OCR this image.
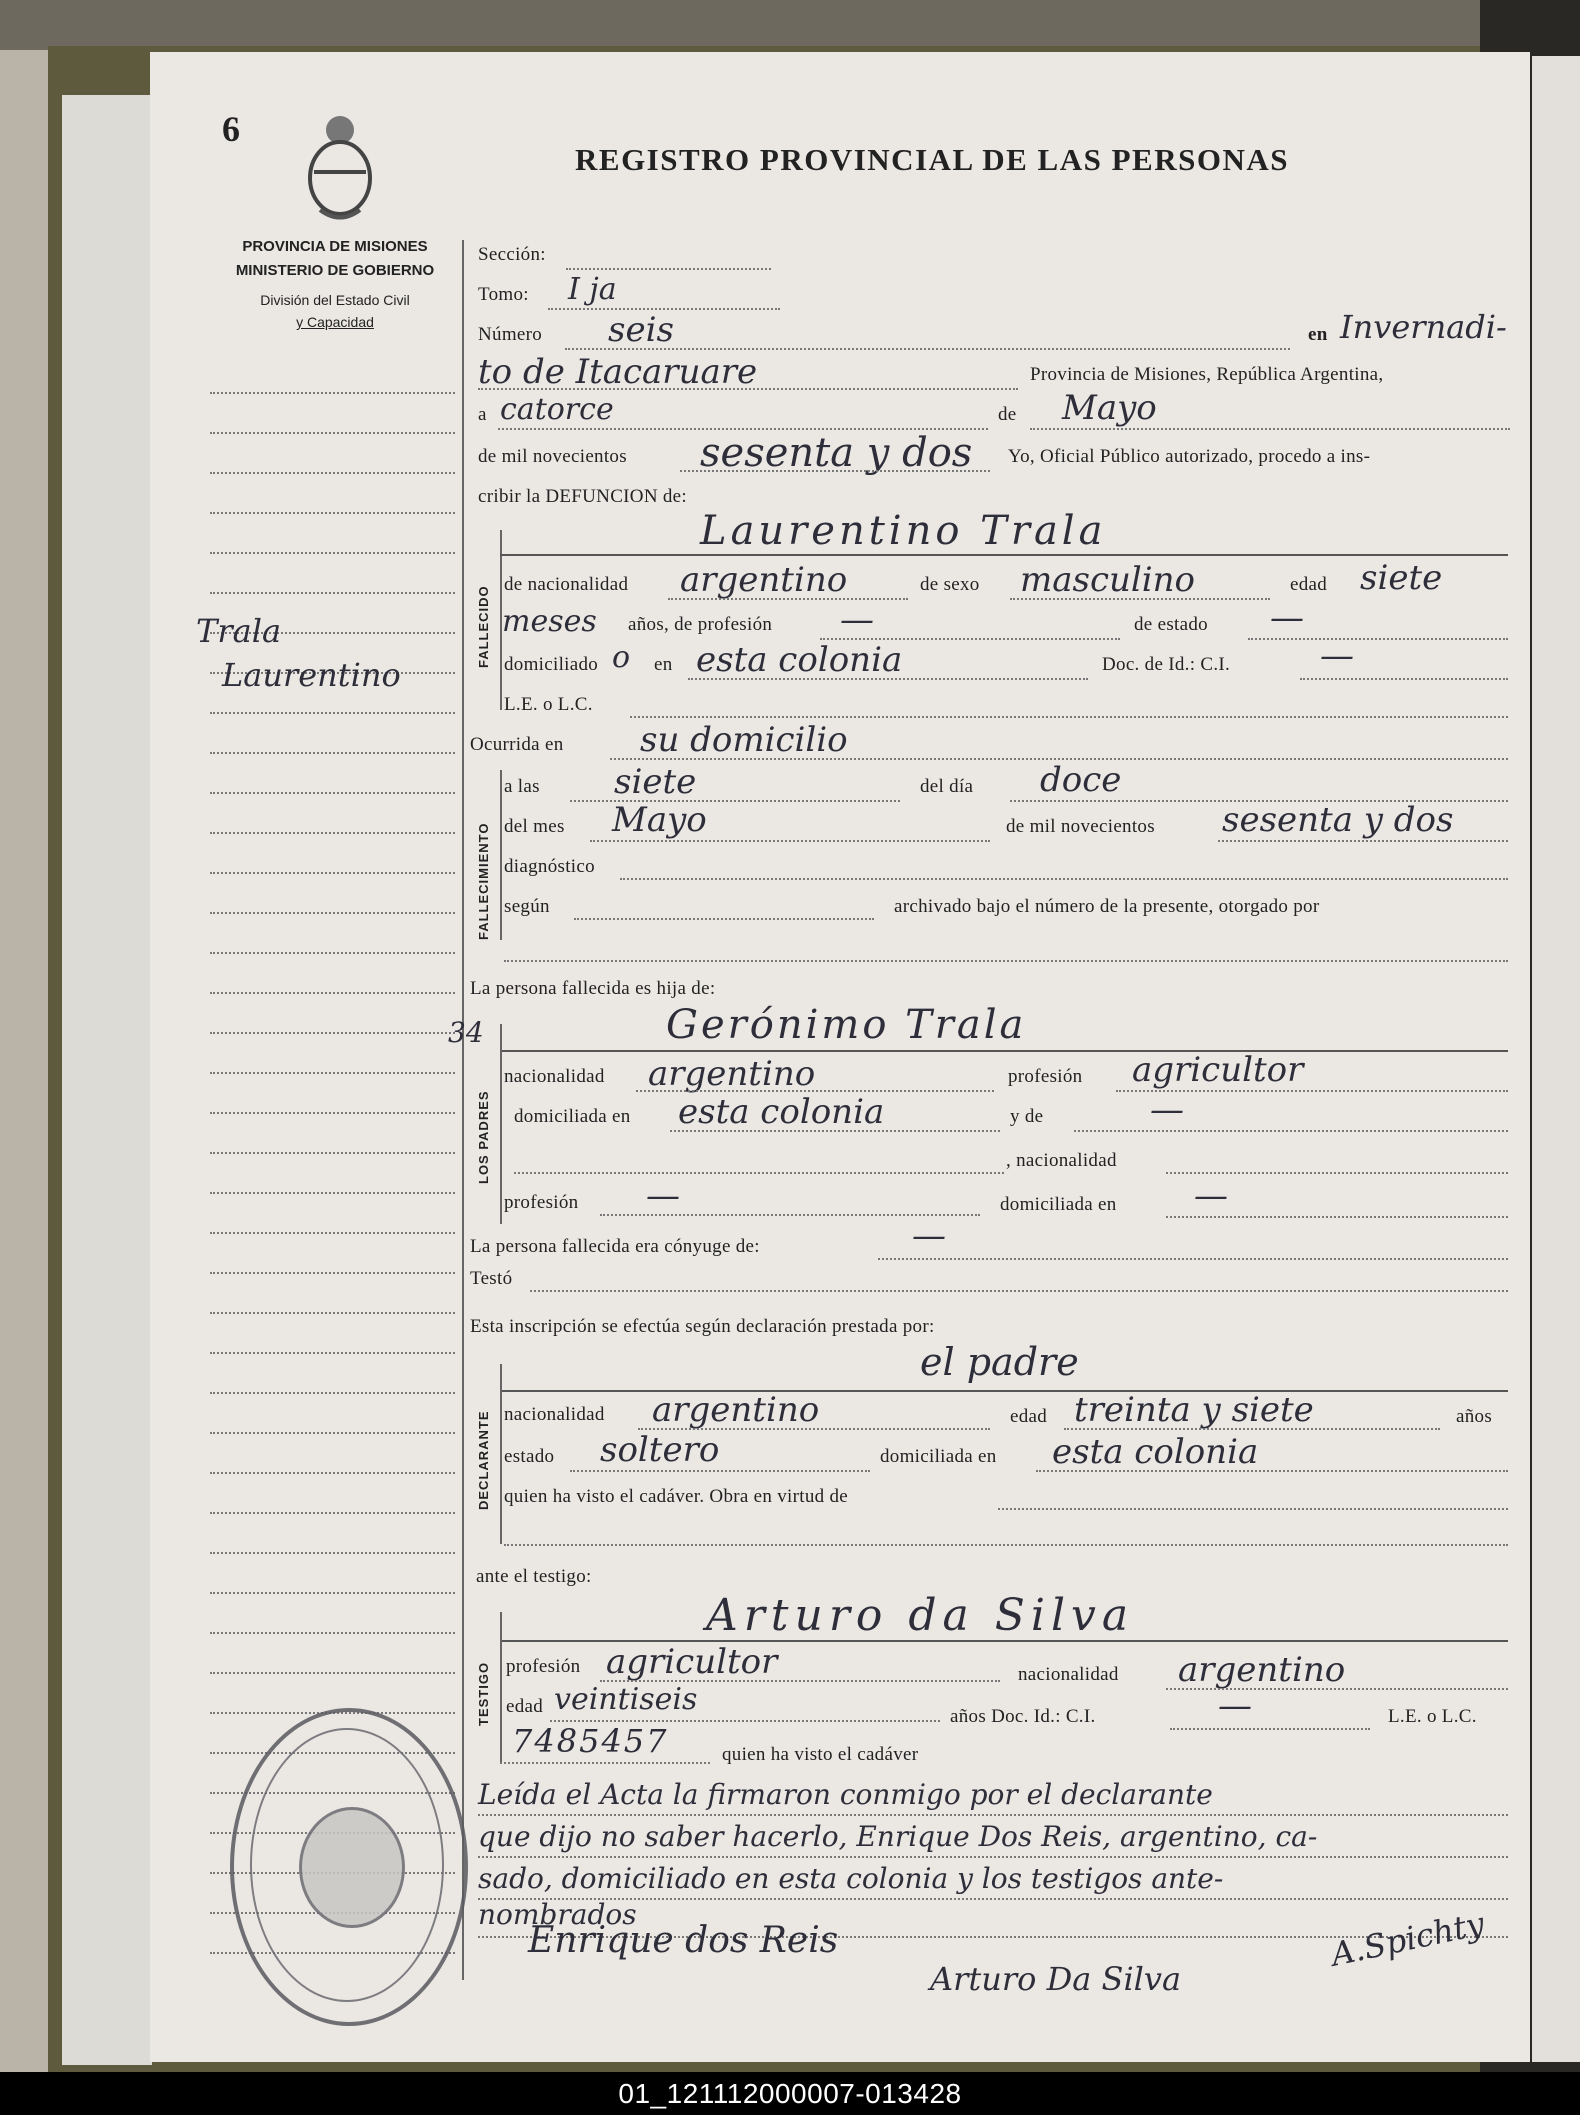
6
REGISTRO PROVINCIAL DE LAS PERSONAS
PROVINCIA DE MISIONES
MINISTERIO DE GOBIERNO
División del Estado Civil
y Capacidad
Trala
Laurentino
Sección:
Tomo: I ja
Número seis	en Invernadi-
to de Itacaruare	Provincia de Misiones, República Argentina,
a catorce	de Mayo
de mil novecientos sesenta y dos Yo, Oficial Público autorizado, procedo a ins-
cribir la DEFUNCION de:
FALLECIDO
Laurentino Trala
de nacionalidad argentino	de sexo masculino	edad siete
meses años, de profesión —	de estado —
domiciliado o en esta colonia	Doc. de Id.: C.I.	—
L.E. o L.C.
Ocurrida en su domicilio
FALLECIMIENTO
a las siete	del día doce
del mes Mayo	de mil novecientos sesenta y dos
diagnóstico
según	archivado bajo el número de la presente, otorgado por
La persona fallecida es hija de:
34	Gerónimo Trala
LOS PADRES
nacionalidad argentino	profesión agricultor
domiciliada en esta colonia	y de	—
, nacionalidad
profesión —	domiciliada en —
La persona fallecida era cónyuge de:	—
Testó
Esta inscripción se efectúa según declaración prestada por:
el padre
DECLARANTE nacionalidad argentino	edad treinta y siete	años
estado soltero	domiciliada en esta colonia
quien ha visto el cadáver. Obra en virtud de
ante el testigo:
Arturo da Silva
TESTIGO profesión agricultor	nacionalidad argentino
edad veintiseis	años Doc. Id.: C.I.	—	L.E. o L.C.
7485457	quien ha visto el cadáver
Leída el Acta la firmaron conmigo por el declarante
que dijo no saber hacerlo, Enrique Dos Reis, argentino, ca-
sado, domiciliado en esta colonia y los testigos ante-
nombrados
Enrique dos Reis
Arturo Da Silva
A.Spichty
01_121112000007-013428
